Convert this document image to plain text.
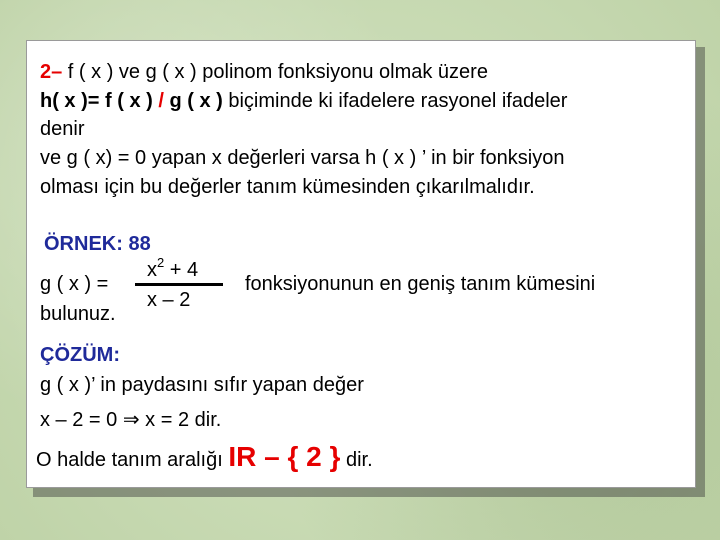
2– f ( x ) ve g ( x ) polinom fonksiyonu olmak üzere
h( x )= f ( x ) / g ( x ) biçiminde ki ifadelere rasyonel ifadeler
denir
ve g ( x) = 0 yapan x değerleri varsa h ( x ) ’ in bir fonksiyon
olması için bu değerler tanım kümesinden çıkarılmalıdır.
ÖRNEK: 88
$x^2 + 4$
g ( x ) =
x – 2
fonksiyonunun en geniş tanım kümesini
bulunuz.
ÇÖZÜM:
g ( x )’ in paydasını sıfır yapan değer
x – 2 = 0 ⇒ x = 2 dir.
O halde tanım aralığı IR – { 2 } dir.
